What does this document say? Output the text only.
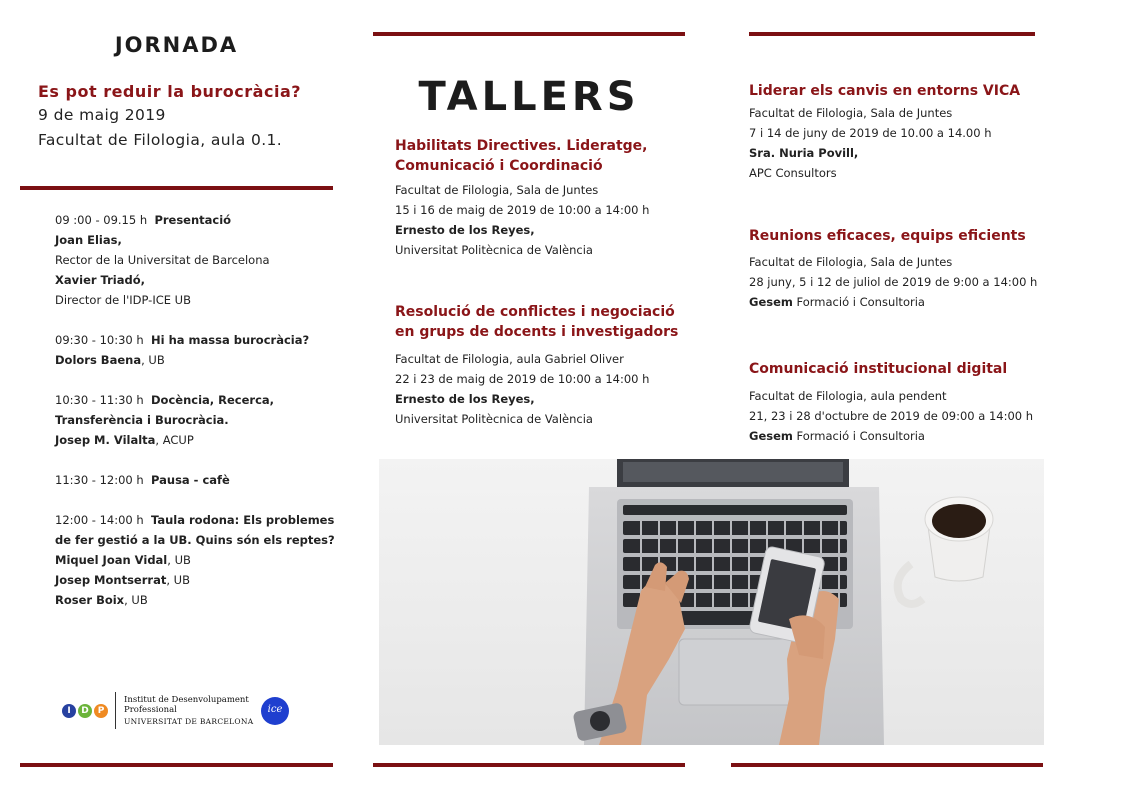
JORNADA
Es pot reduir la burocràcia?
9 de maig 2019
Facultat de Filologia, aula 0.1.
09 :00 - 09.15 h Presentació
Joan Elias,
Rector de la Universitat de Barcelona
Xavier Triadó,
Director de l'IDP-ICE UB
09:30 - 10:30 h Hi ha massa burocràcia?
Dolors Baena, UB
10:30 - 11:30 h Docència, Recerca,
Transferència i Burocràcia.
Josep M. Vilalta, ACUP
11:30 - 12:00 h Pausa - cafè
12:00 - 14:00 h Taula rodona: Els problemes
de fer gestió a la UB. Quins són els reptes?
Miquel Joan Vidal, UB
Josep Montserrat, UB
Roser Boix, UB
I	D P
Institut de Desenvolupament
Professional
UNIVERSITAT DE BARCELONA
ice
TALLERS
Habilitats Directives. Lideratge,
Comunicació i Coordinació
Facultat de Filologia, Sala de Juntes
15 i 16 de maig de 2019 de 10:00 a 14:00 h
Ernesto de los Reyes,
Universitat Politècnica de València
Resolució de conflictes i negociació
en grups de docents i investigadors
Facultat de Filologia, aula Gabriel Oliver
22 i 23 de maig de 2019 de 10:00 a 14:00 h
Ernesto de los Reyes,
Universitat Politècnica de València
Liderar els canvis en entorns VICA
Facultat de Filologia, Sala de Juntes
7 i 14 de juny de 2019 de 10.00 a 14.00 h
Sra. Nuria Povill,
APC Consultors
Reunions eficaces, equips eficients
Facultat de Filologia, Sala de Juntes
28 juny, 5 i 12 de juliol de 2019 de 9:00 a 14:00 h
Gesem Formació i Consultoria
Comunicació institucional digital
Facultat de Filologia, aula pendent
21, 23 i 28 d'octubre de 2019 de 09:00 a 14:00 h
Gesem Formació i Consultoria
